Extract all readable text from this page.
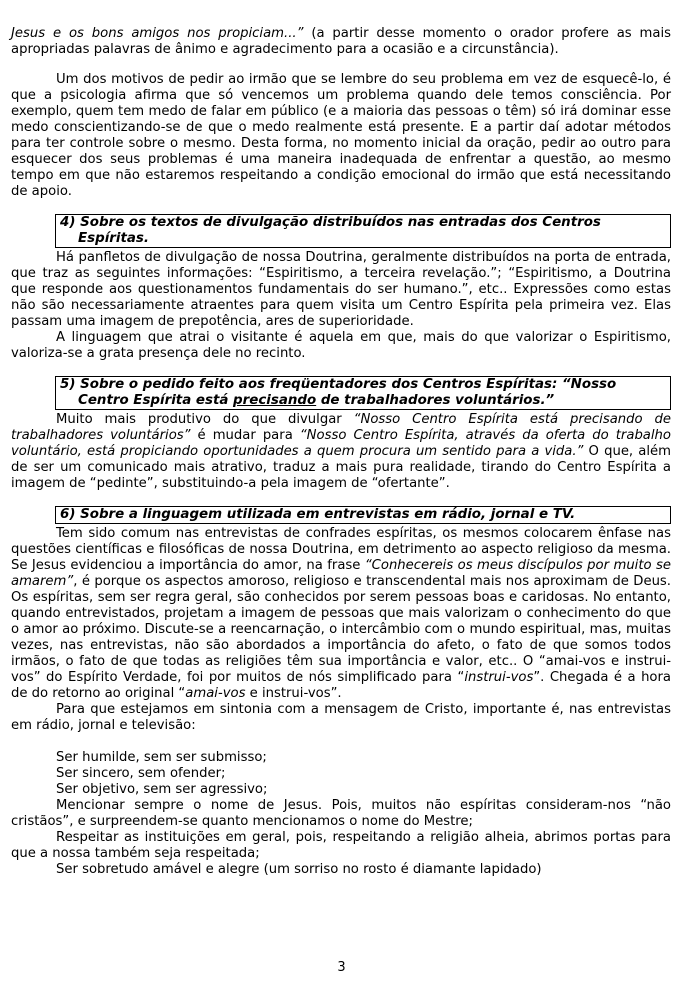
Jesus e os bons amigos nos propiciam...” (a partir desse momento o orador profere as mais apropriadas palavras de ânimo e agradecimento para a ocasião e a circunstância).

Um dos motivos de pedir ao irmão que se lembre do seu problema em vez de esquecê-lo, é que a psicologia afirma que só vencemos um problema quando dele temos consciência. Por exemplo, quem tem medo de falar em público (e a maioria das pessoas o têm) só irá dominar esse medo conscientizando-se de que o medo realmente está presente. E a partir daí adotar métodos para ter controle sobre o mesmo. Desta forma, no momento inicial da oração, pedir ao outro para esquecer dos seus problemas é uma maneira inadequada de enfrentar a questão, ao mesmo tempo em que não estaremos respeitando a condição emocional do irmão que está necessitando de apoio.

4) Sobre os textos de divulgação distribuídos nas entradas dos Centros
Espíritas.

Há panfletos de divulgação de nossa Doutrina, geralmente distribuídos na porta de entrada, que traz as seguintes informações: “Espiritismo, a terceira revelação.”; “Espiritismo, a Doutrina que responde aos questionamentos fundamentais do ser humano.”, etc.. Expressões como estas não são necessariamente atraentes para quem visita um Centro Espírita pela primeira vez. Elas passam uma imagem de prepotência, ares de superioridade.

A linguagem que atrai o visitante é aquela em que, mais do que valorizar o Espiritismo, valoriza-se a grata presença dele no recinto.

5) Sobre o pedido feito aos freqüentadores dos Centros Espíritas: “Nosso
Centro Espírita está precisando de trabalhadores voluntários.”

Muito mais produtivo do que divulgar “Nosso Centro Espírita está precisando de trabalhadores voluntários” é mudar para “Nosso Centro Espírita, através da oferta do trabalho voluntário, está propiciando oportunidades a quem procura um sentido para a vida.” O que, além de ser um comunicado mais atrativo, traduz a mais pura realidade, tirando do Centro Espírita a imagem de “pedinte”, substituindo-a pela imagem de “ofertante”.

6) Sobre a linguagem utilizada em entrevistas em rádio, jornal e TV.

Tem sido comum nas entrevistas de confrades espíritas, os mesmos colocarem ênfase nas questões científicas e filosóficas de nossa Doutrina, em detrimento ao aspecto religioso da mesma. Se Jesus evidenciou a importância do amor, na frase “Conhecereis os meus discípulos por muito se amarem”, é porque os aspectos amoroso, religioso e transcendental mais nos aproximam de Deus. Os espíritas, sem ser regra geral, são conhecidos por serem pessoas boas e caridosas. No entanto, quando entrevistados, projetam a imagem de pessoas que mais valorizam o conhecimento do que o amor ao próximo. Discute-se a reencarnação, o intercâmbio com o mundo espiritual, mas, muitas vezes, nas entrevistas, não são abordados a importância do afeto, o fato de que somos todos irmãos, o fato de que todas as religiões têm sua importância e valor, etc.. O “amai-vos e instrui-vos” do Espírito Verdade, foi por muitos de nós simplificado para “instrui-vos”. Chegada é a hora de do retorno ao original “amai-vos e instrui-vos”.

Para que estejamos em sintonia com a mensagem de Cristo, importante é, nas entrevistas em rádio, jornal e televisão:

Ser humilde, sem ser submisso;

Ser sincero, sem ofender;

Ser objetivo, sem ser agressivo;

Mencionar sempre o nome de Jesus. Pois, muitos não espíritas consideram-nos “não cristãos”, e surpreendem-se quanto mencionamos o nome do Mestre;

Respeitar as instituições em geral, pois, respeitando a religião alheia, abrimos portas para que a nossa também seja respeitada;

Ser sobretudo amável e alegre (um sorriso no rosto é diamante lapidado)

3
